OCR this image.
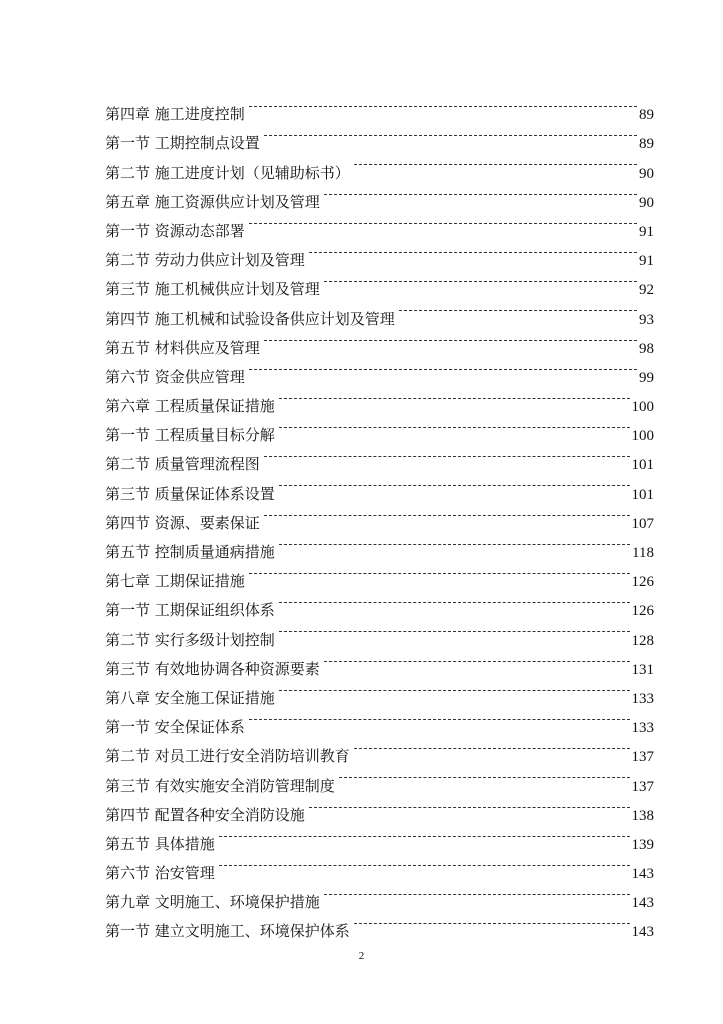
第四章 施工进度控制	89
第一节 工期控制点设置	89
第二节 施工进度计划（见辅助标书）	90
第五章 施工资源供应计划及管理	90
第一节 资源动态部署	91
第二节 劳动力供应计划及管理	91
第三节 施工机械供应计划及管理	92
第四节 施工机械和试验设备供应计划及管理	93
第五节 材料供应及管理	98
第六节 资金供应管理	99
第六章 工程质量保证措施	100
第一节 工程质量目标分解	100
第二节 质量管理流程图	101
第三节 质量保证体系设置	101
第四节 资源、要素保证	107
第五节 控制质量通病措施	118
第七章 工期保证措施	126
第一节 工期保证组织体系	126
第二节 实行多级计划控制	128
第三节 有效地协调各种资源要素	131
第八章 安全施工保证措施	133
第一节 安全保证体系	133
第二节 对员工进行安全消防培训教育	137
第三节 有效实施安全消防管理制度	137
第四节 配置各种安全消防设施	138
第五节 具体措施	139
第六节 治安管理	143
第九章 文明施工、环境保护措施	143
第一节 建立文明施工、环境保护体系	143
2
